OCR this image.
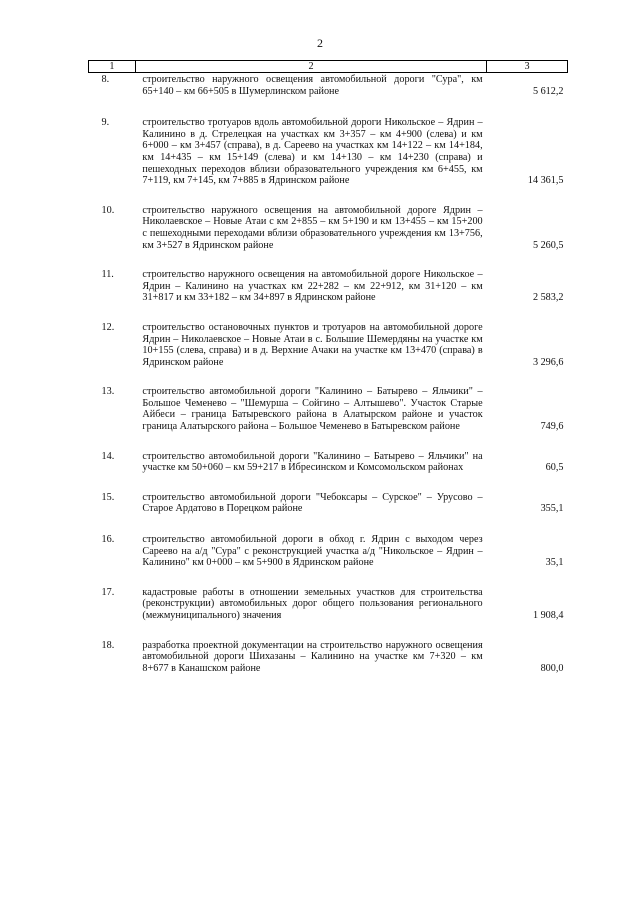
2
1	2	3
8.	строительство наружного освещения автомобильной дороги "Сура", км 65+140 – км 66+505 в Шумерлинском районе	5 612,2

9.	строительство тротуаров вдоль автомобильной дороги Никольское – Ядрин – Калинино в д. Стрелецкая на участках км 3+357 – км 4+900 (слева) и км 6+000 – км 3+457 (справа), в д. Сареево на участках км 14+122 – км 14+184, км 14+435 – км 15+149 (слева) и км 14+130 – км 14+230 (справа) и пешеходных переходов вблизи образовательного учреждения км 6+455, км 7+119, км 7+145, км 7+885 в Ядринском районе	14 361,5

10.	строительство наружного освещения на автомобильной дороге Ядрин – Николаевское – Новые Атаи с км 2+855 – км 5+190 и км 13+455 – км 15+200 с пешеходными переходами вблизи образовательного учреждения км 13+756, км 3+527 в Ядринском районе	5 260,5

11.	строительство наружного освещения на автомобильной дороге Никольское – Ядрин – Калинино на участках км 22+282 – км 22+912, км 31+120 – км 31+817 и км 33+182 – км 34+897 в Ядринском районе	2 583,2

12.	строительство остановочных пунктов и тротуаров на автомобильной дороге Ядрин – Николаевское – Новые Атаи в с. Большие Шемердяны на участке км 10+155 (слева, справа) и в д. Верхние Ачаки на участке км 13+470 (справа) в Ядринском районе	3 296,6

13.	строительство автомобильной дороги "Калинино – Батырево – Яльчики" – Большое Чеменево – "Шемурша – Сойгино – Алтышево". Участок Старые Айбеси – граница Батыревского района в Алатырском районе и участок граница Алатырского района – Большое Чеменево в Батыревском районе	749,6

14.	строительство автомобильной дороги "Калинино – Батырево – Яльчики" на участке км 50+060 – км 59+217 в Ибресинском и Комсомольском районах	60,5

15.	строительство автомобильной дороги "Чебоксары – Сурское" – Урусово – Старое Ардатово в Порецком районе	355,1

16.	строительство автомобильной дороги в обход г. Ядрин с выходом через Сареево на а/д "Сура" с реконструкцией участка а/д "Никольское – Ядрин – Калинино" км 0+000 – км 5+900 в Ядринском районе	35,1

17.	кадастровые работы в отношении земельных участков для строительства (реконструкции) автомобильных дорог общего пользования регионального (межмуниципального) значения	1 908,4

18.	разработка проектной документации на строительство наружного освещения автомобильной дороги Шихазаны – Калинино на участке км 7+320 – км 8+677 в Канашском районе	800,0
